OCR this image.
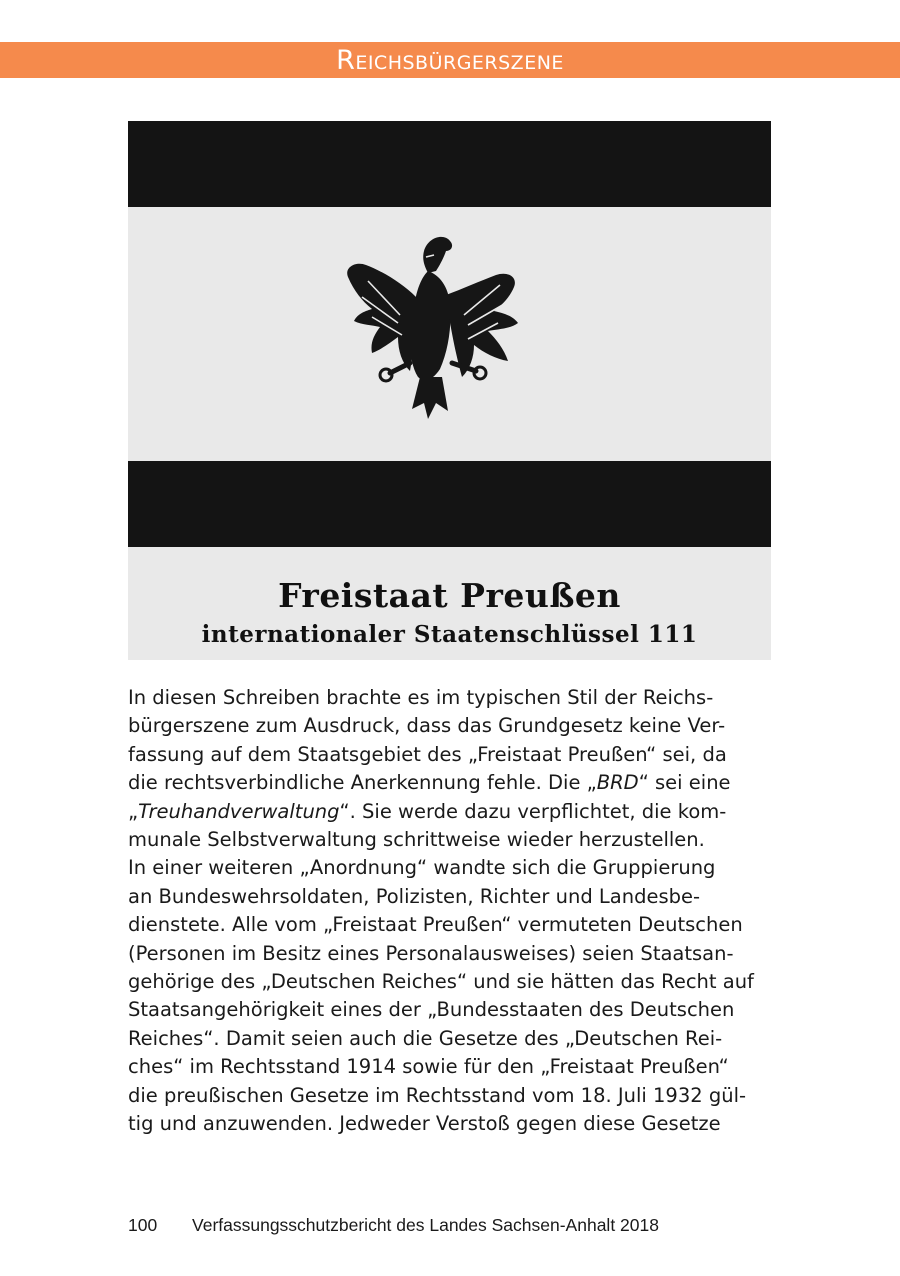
Reichsbürgerszene
Freistaat Preußen
internationaler Staatenschlüssel 111

In diesen Schreiben brachte es im typischen Stil der Reichs-
bürgerszene zum Ausdruck, dass das Grundgesetz keine Ver-
fassung auf dem Staatsgebiet des „Freistaat Preußen“ sei, da
die rechtsverbindliche Anerkennung fehle. Die „BRD“ sei eine
„Treuhandverwaltung“. Sie werde dazu verpflichtet, die kom-
munale Selbstverwaltung schrittweise wieder herzustellen.
In einer weiteren „Anordnung“ wandte sich die Gruppierung
an Bundeswehrsoldaten, Polizisten, Richter und Landesbe-
dienstete. Alle vom „Freistaat Preußen“ vermuteten Deutschen
(Personen im Besitz eines Personalausweises) seien Staatsan-
gehörige des „Deutschen Reiches“ und sie hätten das Recht auf
Staatsangehörigkeit eines der „Bundesstaaten des Deutschen
Reiches“. Damit seien auch die Gesetze des „Deutschen Rei-
ches“ im Rechtsstand 1914 sowie für den „Freistaat Preußen“
die preußischen Gesetze im Rechtsstand vom 18. Juli 1932 gül-
tig und anzuwenden. Jedweder Verstoß gegen diese Gesetze

100 Verfassungsschutzbericht des Landes Sachsen-Anhalt 2018
